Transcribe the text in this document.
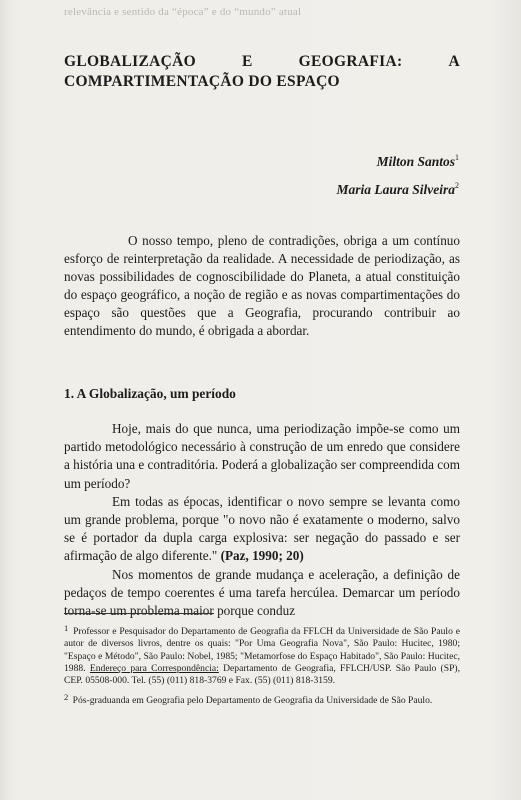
relevância e sentido da “época” e do “mundo” atual
GLOBALIZAÇÃO	E	GEOGRAFIA:	A
COMPARTIMENTAÇÃO DO ESPAÇO
Milton Santos$^1$
Maria Laura Silveira$^2$

O nosso tempo, pleno de contradições, obriga a um contínuo esforço de reinterpretação da realidade. A necessidade de periodização, as novas possibilidades de cognoscibilidade do Planeta, a atual constituição do espaço geográfico, a noção de região e as novas compartimentações do espaço são questões que a Geografia, procurando contribuir ao entendimento do mundo, é obrigada a abordar.

1. A Globalização, um período

Hoje, mais do que nunca, uma periodização impõe-se como um partido metodológico necessário à construção de um enredo que considere a história una e contraditória. Poderá a globalização ser compreendida com um período?

Em todas as épocas, identificar o novo sempre se levanta como um grande problema, porque "o novo não é exatamente o moderno, salvo se é portador da dupla carga explosiva: ser negação do passado e ser afirmação de algo diferente." (Paz, 1990; 20)

Nos momentos de grande mudança e aceleração, a definição de pedaços de tempo coerentes é uma tarefa hercúlea. Demarcar um período torna-se um problema maior porque conduz

1 Professor e Pesquisador do Departamento de Geografia da FFLCH da Universidade de São Paulo e autor de diversos livros, dentre os quais: "Por Uma Geografia Nova", São Paulo: Hucitec, 1980; "Espaço e Método", São Paulo: Nobel, 1985; "Metamorfose do Espaço Habitado", São Paulo: Hucitec, 1988. Endereço para Correspondência: Departamento de Geografia, FFLCH/USP. São Paulo (SP), CEP. 05508-000. Tel. (55) (011) 818-3769 e Fax. (55) (011) 818-3159.

2 Pós-graduanda em Geografia pelo Departamento de Geografia da Universidade de São Paulo.
